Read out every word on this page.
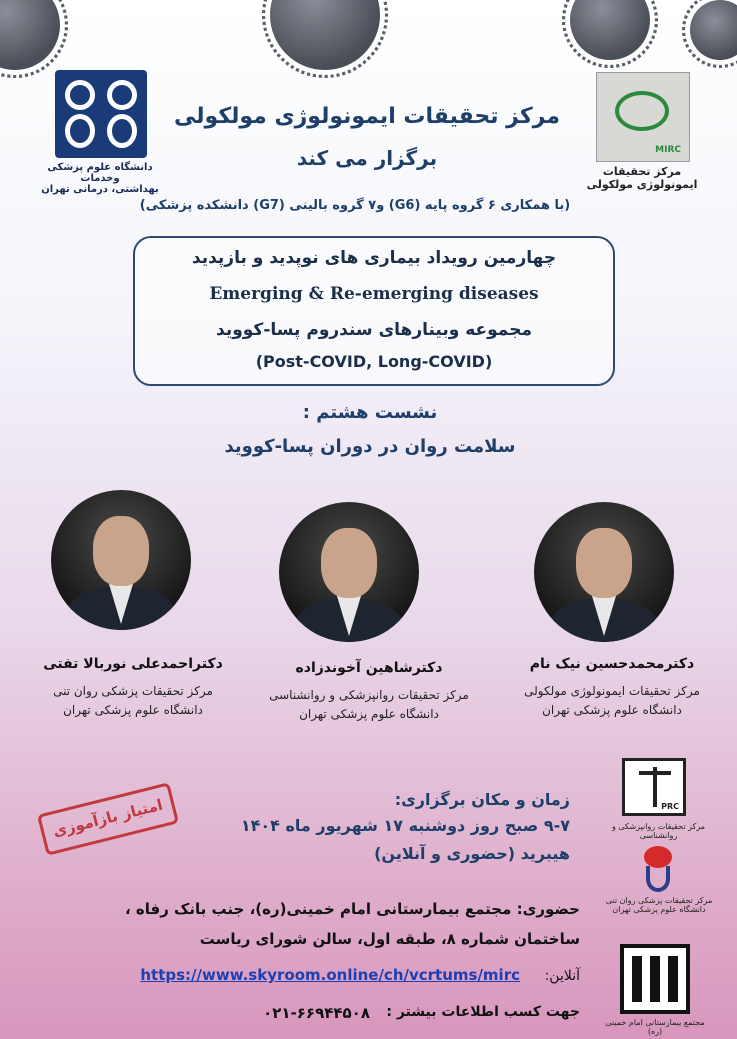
دانشگاه علوم پزشکی وخدمات
بهداشتی، درمانی تهران
MIRC
مرکز تحقیقات
ایمونولوژی مولکولی
مرکز تحقیقات ایمونولوژی مولکولی
برگزار می کند
(با همکاری ۶ گروه پایه (G6) و۷ گروه بالینی (G7) دانشکده پزشکی)
چهارمین رویداد بیماری های نوپدید و بازپدید
Emerging & Re-emerging diseases
مجموعه وبینارهای سندروم پسا-کووید
(Post-COVID, Long-COVID)
نشست هشتم :
سلامت روان در دوران پسا-کووید
دکترمحمدحسین نیک نام
مرکز تحقیقات ایمونولوژی مولکولی
دانشگاه علوم پزشکی تهران
دکترشاهین آخوندزاده
مرکز تحقیقات روانپزشکی و روانشناسی
دانشگاه علوم پزشکی تهران
دکتراحمدعلی نوربالا تفتی
مرکز تحقیقات پزشکی روان تنی
دانشگاه علوم پزشکی تهران
امتیاز بازآموزی	زمان و مکان برگزاری:
۹-۷ صبح روز دوشنبه ۱۷ شهریور ماه ۱۴۰۴
هیبرید (حضوری و آنلاین)
حضوری: مجتمع بیمارستانی امام خمینی(ره)، جنب بانک رفاه ،
ساختمان شماره ۸، طبقه اول، سالن شورای ریاست
آنلاین:
https://www.skyroom.online/ch/vcrtums/mirc
جهت کسب اطلاعات بیشتر :
۰۲۱-۶۶۹۴۴۵۰۸
PRC
مرکز تحقیقات روانپزشکی و روانشناسی
مرکز تحقیقات پزشکی روان تنی
دانشگاه علوم پزشکی تهران
مجتمع بیمارستانی امام خمینی (ره)
